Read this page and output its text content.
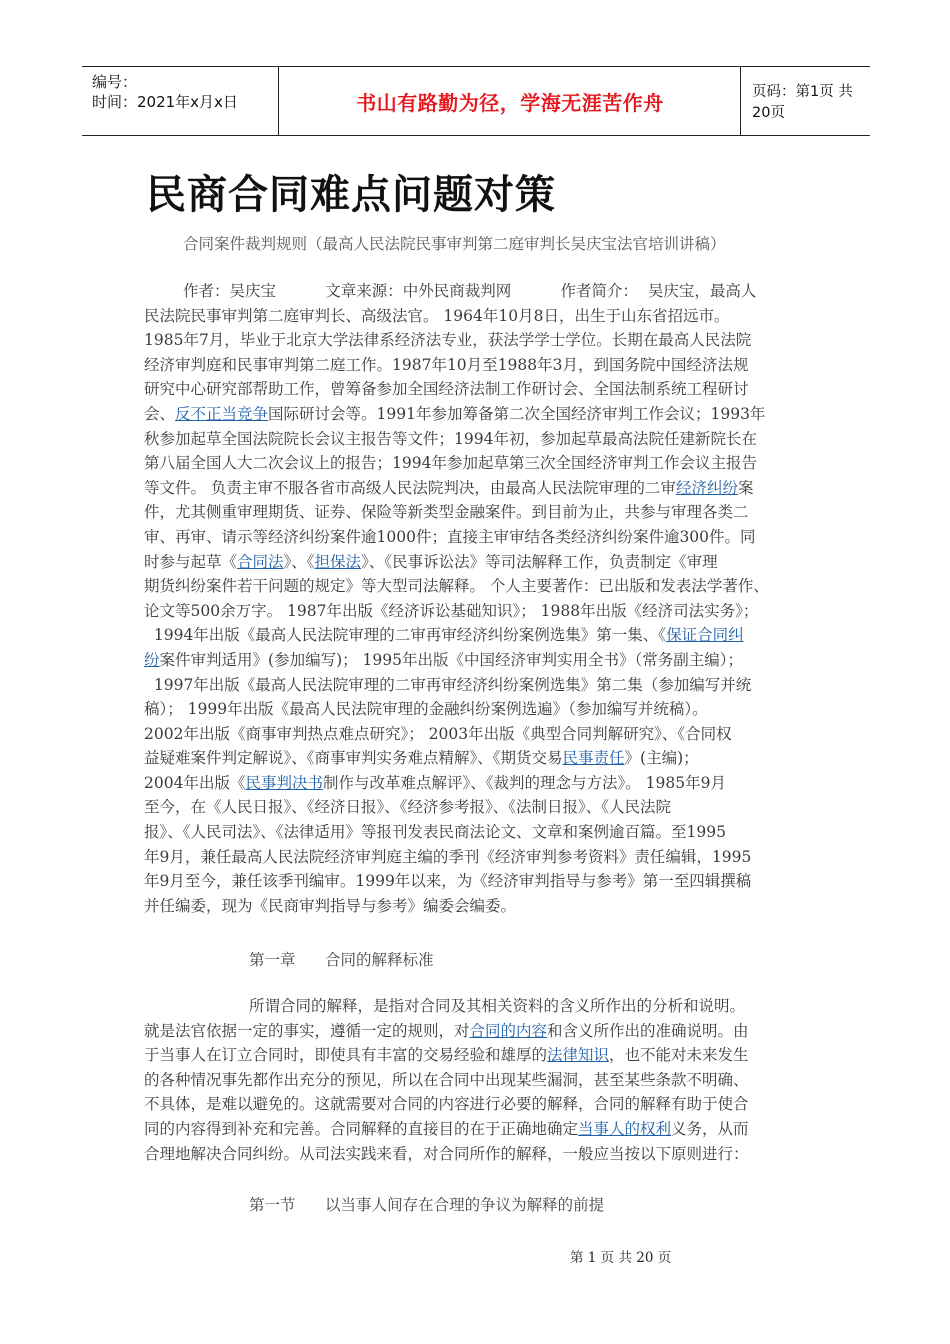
编号：
时间：2021年x月x日	书山有路勤为径，学海无涯苦作舟	页码：第1页 共20页
民商合同难点问题对策
合同案件裁判规则（最高人民法院民事审判第二庭审判长吴庆宝法官培训讲稿）

作者：吴庆宝          文章来源：中外民商裁判网          作者简介：  吴庆宝，最高人

民法院民事审判第二庭审判长、高级法官。 1964年10月8日，出生于山东省招远市。

1985年7月，毕业于北京大学法律系经济法专业，获法学学士学位。长期在最高人民法院

经济审判庭和民事审判第二庭工作。1987年10月至1988年3月，到国务院中国经济法规

研究中心研究部帮助工作，曾筹备参加全国经济法制工作研讨会、全国法制系统工程研讨

会、反不正当竞争国际研讨会等。1991年参加筹备第二次全国经济审判工作会议；1993年

秋参加起草全国法院院长会议主报告等文件；1994年初，参加起草最高法院任建新院长在

第八届全国人大二次会议上的报告；1994年参加起草第三次全国经济审判工作会议主报告

等文件。 负责主审不服各省市高级人民法院判决，由最高人民法院审理的二审经济纠纷案

件，尤其侧重审理期货、证券、保险等新类型金融案件。到目前为止，共参与审理各类二

审、再审、请示等经济纠纷案件逾1000件；直接主审审结各类经济纠纷案件逾300件。同

时参与起草《合同法》、《担保法》、《民事诉讼法》等司法解释工作，负责制定《审理

期货纠纷案件若干问题的规定》等大型司法解释。 个人主要著作：已出版和发表法学著作、

论文等500余万字。 1987年出版《经济诉讼基础知识》； 1988年出版《经济司法实务》；

1994年出版《最高人民法院审理的二审再审经济纠纷案例选集》第一集、《保证合同纠

纷案件审判适用》(参加编写)； 1995年出版《中国经济审判实用全书》（常务副主编）；

1997年出版《最高人民法院审理的二审再审经济纠纷案例选集》第二集（参加编写并统

稿）； 1999年出版《最高人民法院审理的金融纠纷案例选遍》（参加编写并统稿）。

2002年出版《商事审判热点难点研究》； 2003年出版《典型合同判解研究》、《合同权

益疑难案件判定解说》、《商事审判实务难点精解》、《期货交易民事责任》(主编)；

2004年出版《民事判决书制作与改革难点解评》、《裁判的理念与方法》。 1985年9月

至今，在《人民日报》、《经济日报》、《经济参考报》、《法制日报》、《人民法院

报》、《人民司法》、《法律适用》等报刊发表民商法论文、文章和案例逾百篇。至1995

年9月，兼任最高人民法院经济审判庭主编的季刊《经济审判参考资料》责任编辑，1995

年9月至今，兼任该季刊编审。1999年以来，为《经济审判指导与参考》第一至四辑撰稿

并任编委，现为《民商审判指导与参考》编委会编委。

第一章      合同的解释标准

所谓合同的解释，是指对合同及其相关资料的含义所作出的分析和说明。

就是法官依据一定的事实，遵循一定的规则，对合同的内容和含义所作出的准确说明。由

于当事人在订立合同时，即使具有丰富的交易经验和雄厚的法律知识，也不能对未来发生

的各种情况事先都作出充分的预见，所以在合同中出现某些漏洞，甚至某些条款不明确、

不具体，是难以避免的。这就需要对合同的内容进行必要的解释，合同的解释有助于使合

同的内容得到补充和完善。合同解释的直接目的在于正确地确定当事人的权利义务，从而

合理地解决合同纠纷。从司法实践来看，对合同所作的解释，一般应当按以下原则进行：

第一节      以当事人间存在合理的争议为解释的前提
第 1 页 共 20 页
